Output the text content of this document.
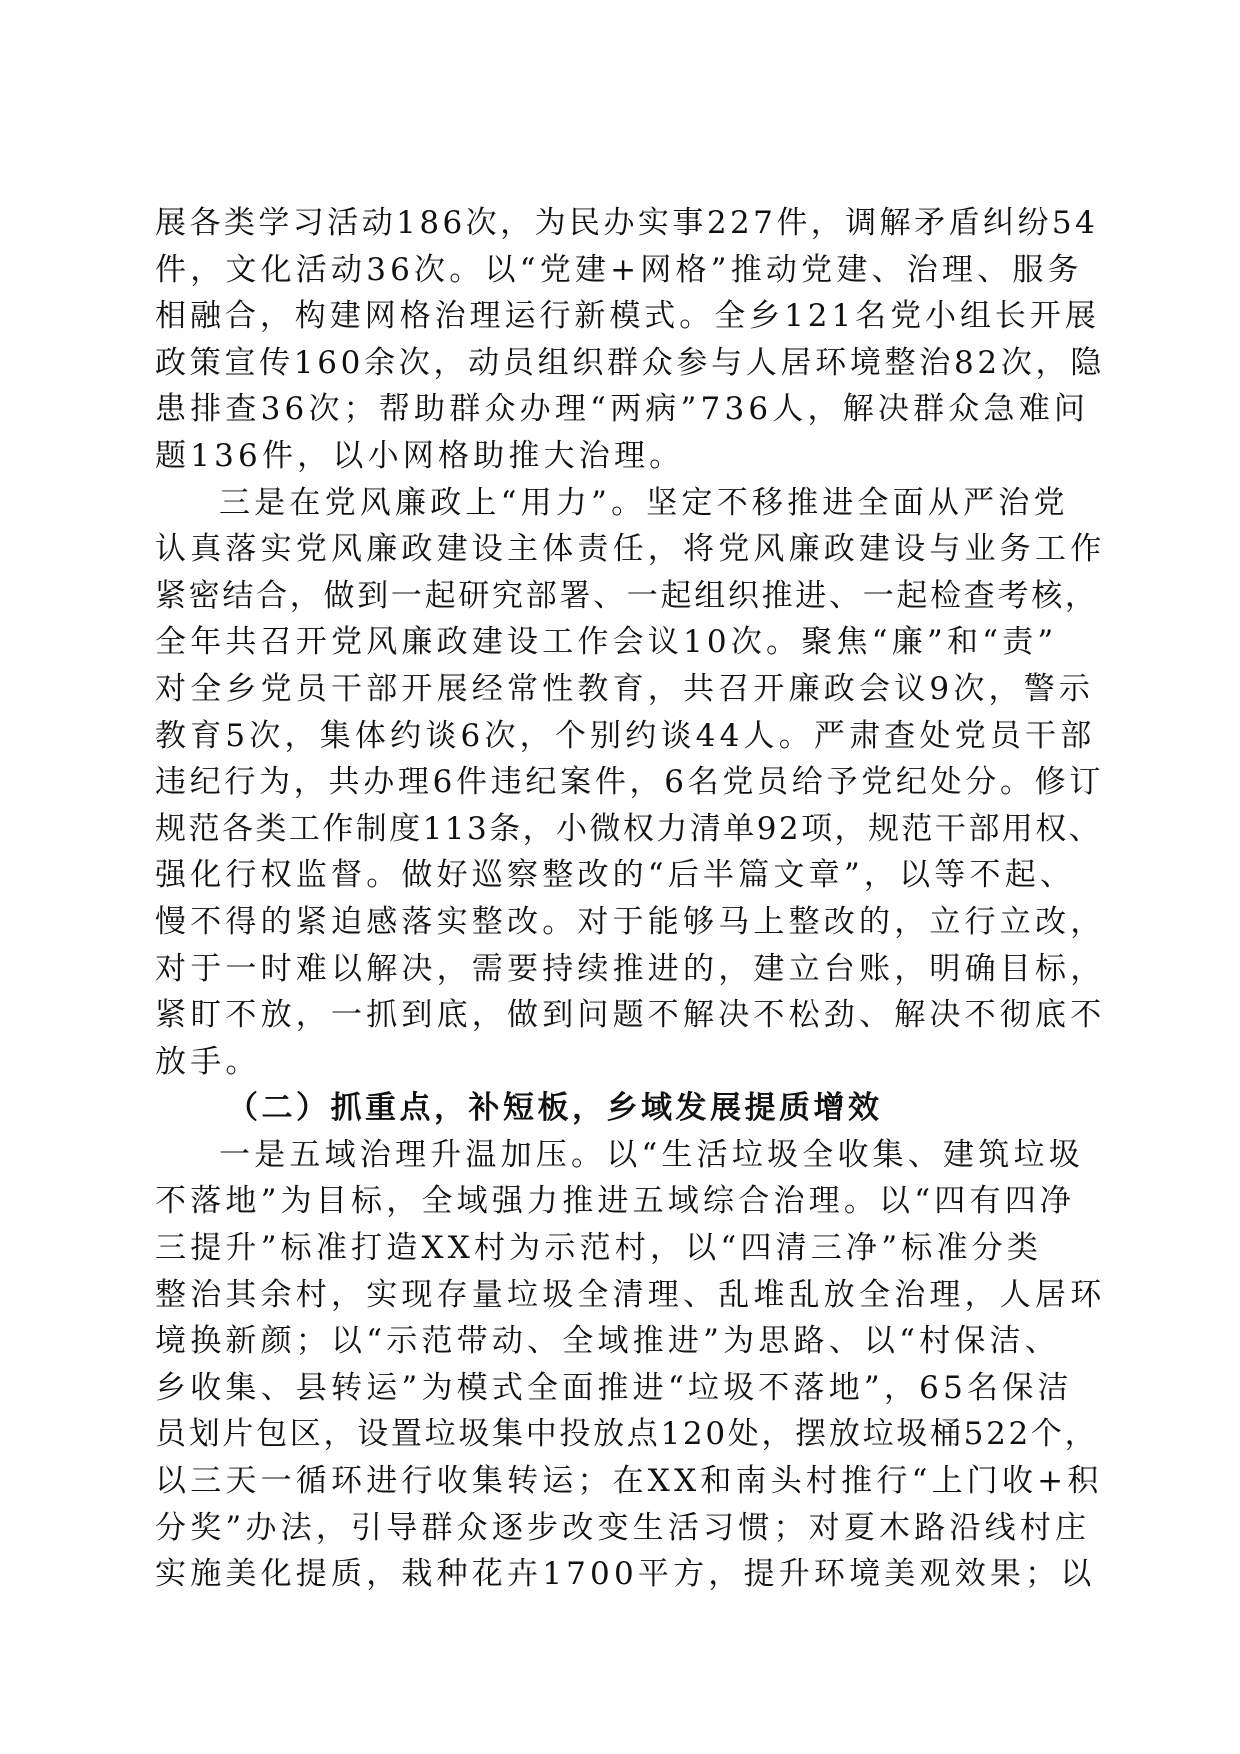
展各类学习活动186次，为民办实事227件，调解矛盾纠纷54
件，文化活动36次。以“党建+网格”推动党建、治理、服务
相融合，构建网格治理运行新模式。全乡121名党小组长开展
政策宣传160余次，动员组织群众参与人居环境整治82次，隐
患排查36次；帮助群众办理“两病”736人，解决群众急难问
题136件，以小网格助推大治理。
三是在党风廉政上“用力”。坚定不移推进全面从严治党
认真落实党风廉政建设主体责任，将党风廉政建设与业务工作
紧密结合，做到一起研究部署、一起组织推进、一起检查考核，
全年共召开党风廉政建设工作会议10次。聚焦“廉”和“责”
对全乡党员干部开展经常性教育，共召开廉政会议9次，警示
教育5次，集体约谈6次，个别约谈44人。严肃查处党员干部
违纪行为，共办理6件违纪案件，6名党员给予党纪处分。修订
规范各类工作制度113条，小微权力清单92项，规范干部用权、
强化行权监督。做好巡察整改的“后半篇文章”，以等不起、
慢不得的紧迫感落实整改。对于能够马上整改的，立行立改，
对于一时难以解决，需要持续推进的，建立台账，明确目标，
紧盯不放，一抓到底，做到问题不解决不松劲、解决不彻底不
放手。
（二）抓重点，补短板，乡域发展提质增效
一是五域治理升温加压。以“生活垃圾全收集、建筑垃圾
不落地”为目标，全域强力推进五域综合治理。以“四有四净
三提升”标准打造XX村为示范村，以“四清三净”标准分类
整治其余村，实现存量垃圾全清理、乱堆乱放全治理，人居环
境换新颜；以“示范带动、全域推进”为思路、以“村保洁、
乡收集、县转运”为模式全面推进“垃圾不落地”，65名保洁
员划片包区，设置垃圾集中投放点120处，摆放垃圾桶522个，
以三天一循环进行收集转运；在XX和南头村推行“上门收+积
分奖”办法，引导群众逐步改变生活习惯；对夏木路沿线村庄
实施美化提质，栽种花卉1700平方，提升环境美观效果；以
